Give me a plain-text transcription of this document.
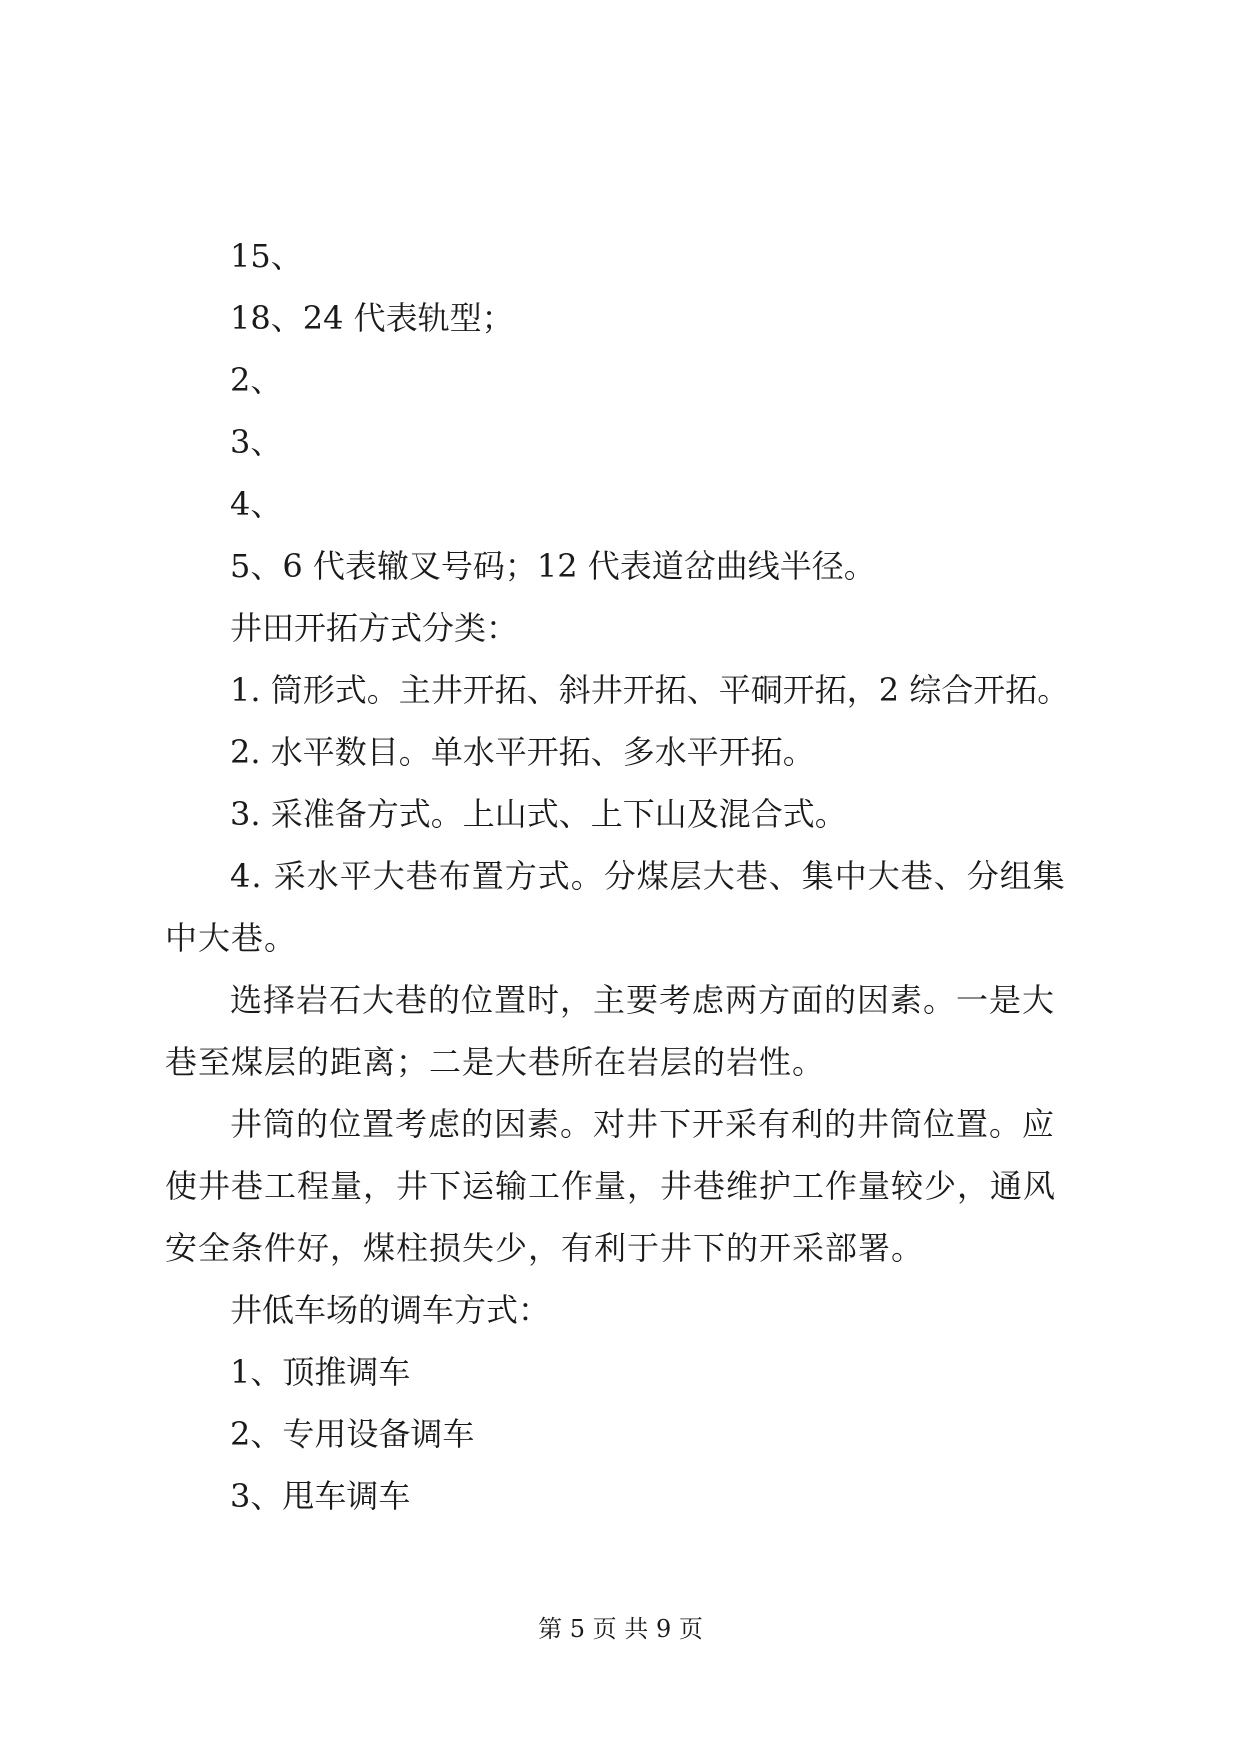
15、

18、24 代表轨型；

2、

3、

4、

5、6 代表辙叉号码；12 代表道岔曲线半径。

井田开拓方式分类：

1. 筒形式。主井开拓、斜井开拓、平硐开拓，2 综合开拓。

2. 水平数目。单水平开拓、多水平开拓。

3. 采准备方式。上山式、上下山及混合式。

4. 采水平大巷布置方式。分煤层大巷、集中大巷、分组集中大巷。

选择岩石大巷的位置时，主要考虑两方面的因素。一是大巷至煤层的距离；二是大巷所在岩层的岩性。

井筒的位置考虑的因素。对井下开采有利的井筒位置。应使井巷工程量，井下运输工作量，井巷维护工作量较少，通风安全条件好，煤柱损失少，有利于井下的开采部署。

井低车场的调车方式：

1、顶推调车

2、专用设备调车

3、甩车调车

第 5 页 共 9 页
